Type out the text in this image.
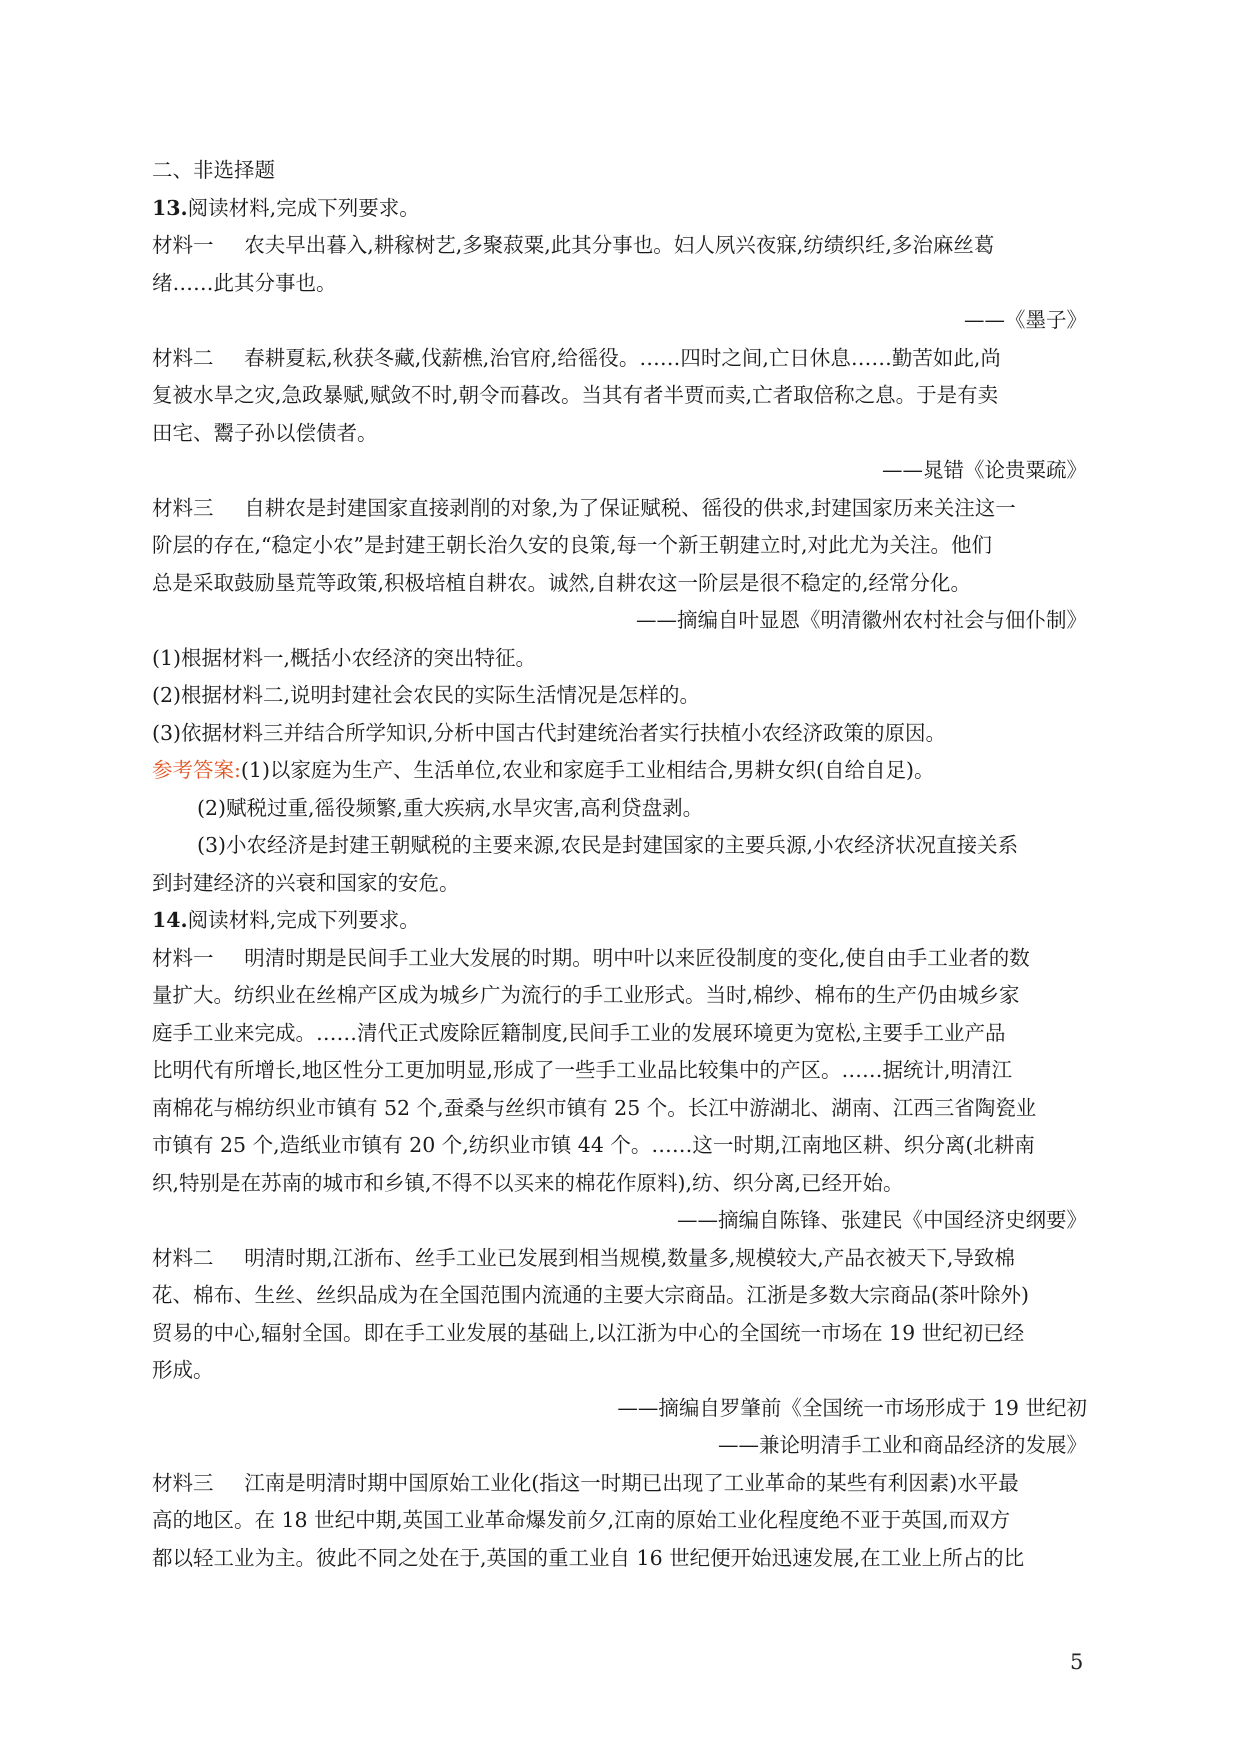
二、非选择题
13.阅读材料,完成下列要求。
材料一   农夫早出暮入,耕稼树艺,多聚菽粟,此其分事也。妇人夙兴夜寐,纺绩织纴,多治麻丝葛
绪……此其分事也。
——《墨子》
材料二   春耕夏耘,秋获冬藏,伐薪樵,治官府,给徭役。……四时之间,亡日休息……勤苦如此,尚
复被水旱之灾,急政暴赋,赋敛不时,朝令而暮改。当其有者半贾而卖,亡者取倍称之息。于是有卖
田宅、鬻子孙以偿债者。
——晁错《论贵粟疏》
材料三   自耕农是封建国家直接剥削的对象,为了保证赋税、徭役的供求,封建国家历来关注这一
阶层的存在,“稳定小农”是封建王朝长治久安的良策,每一个新王朝建立时,对此尤为关注。他们
总是采取鼓励垦荒等政策,积极培植自耕农。诚然,自耕农这一阶层是很不稳定的,经常分化。
——摘编自叶显恩《明清徽州农村社会与佃仆制》
(1)根据材料一,概括小农经济的突出特征。
(2)根据材料二,说明封建社会农民的实际生活情况是怎样的。
(3)依据材料三并结合所学知识,分析中国古代封建统治者实行扶植小农经济政策的原因。
参考答案:(1)以家庭为生产、生活单位,农业和家庭手工业相结合,男耕女织(自给自足)。
(2)赋税过重,徭役频繁,重大疾病,水旱灾害,高利贷盘剥。
(3)小农经济是封建王朝赋税的主要来源,农民是封建国家的主要兵源,小农经济状况直接关系
到封建经济的兴衰和国家的安危。
14.阅读材料,完成下列要求。
材料一   明清时期是民间手工业大发展的时期。明中叶以来匠役制度的变化,使自由手工业者的数
量扩大。纺织业在丝棉产区成为城乡广为流行的手工业形式。当时,棉纱、棉布的生产仍由城乡家
庭手工业来完成。……清代正式废除匠籍制度,民间手工业的发展环境更为宽松,主要手工业产品
比明代有所增长,地区性分工更加明显,形成了一些手工业品比较集中的产区。……据统计,明清江
南棉花与棉纺织业市镇有 52 个,蚕桑与丝织市镇有 25 个。长江中游湖北、湖南、江西三省陶瓷业
市镇有 25 个,造纸业市镇有 20 个,纺织业市镇 44 个。……这一时期,江南地区耕、织分离(北耕南
织,特别是在苏南的城市和乡镇,不得不以买来的棉花作原料),纺、织分离,已经开始。
——摘编自陈锋、张建民《中国经济史纲要》
材料二   明清时期,江浙布、丝手工业已发展到相当规模,数量多,规模较大,产品衣被天下,导致棉
花、棉布、生丝、丝织品成为在全国范围内流通的主要大宗商品。江浙是多数大宗商品(茶叶除外)
贸易的中心,辐射全国。即在手工业发展的基础上,以江浙为中心的全国统一市场在 19 世纪初已经
形成。
——摘编自罗肇前《全国统一市场形成于 19 世纪初
——兼论明清手工业和商品经济的发展》
材料三   江南是明清时期中国原始工业化(指这一时期已出现了工业革命的某些有利因素)水平最
高的地区。在 18 世纪中期,英国工业革命爆发前夕,江南的原始工业化程度绝不亚于英国,而双方
都以轻工业为主。彼此不同之处在于,英国的重工业自 16 世纪便开始迅速发展,在工业上所占的比
5
